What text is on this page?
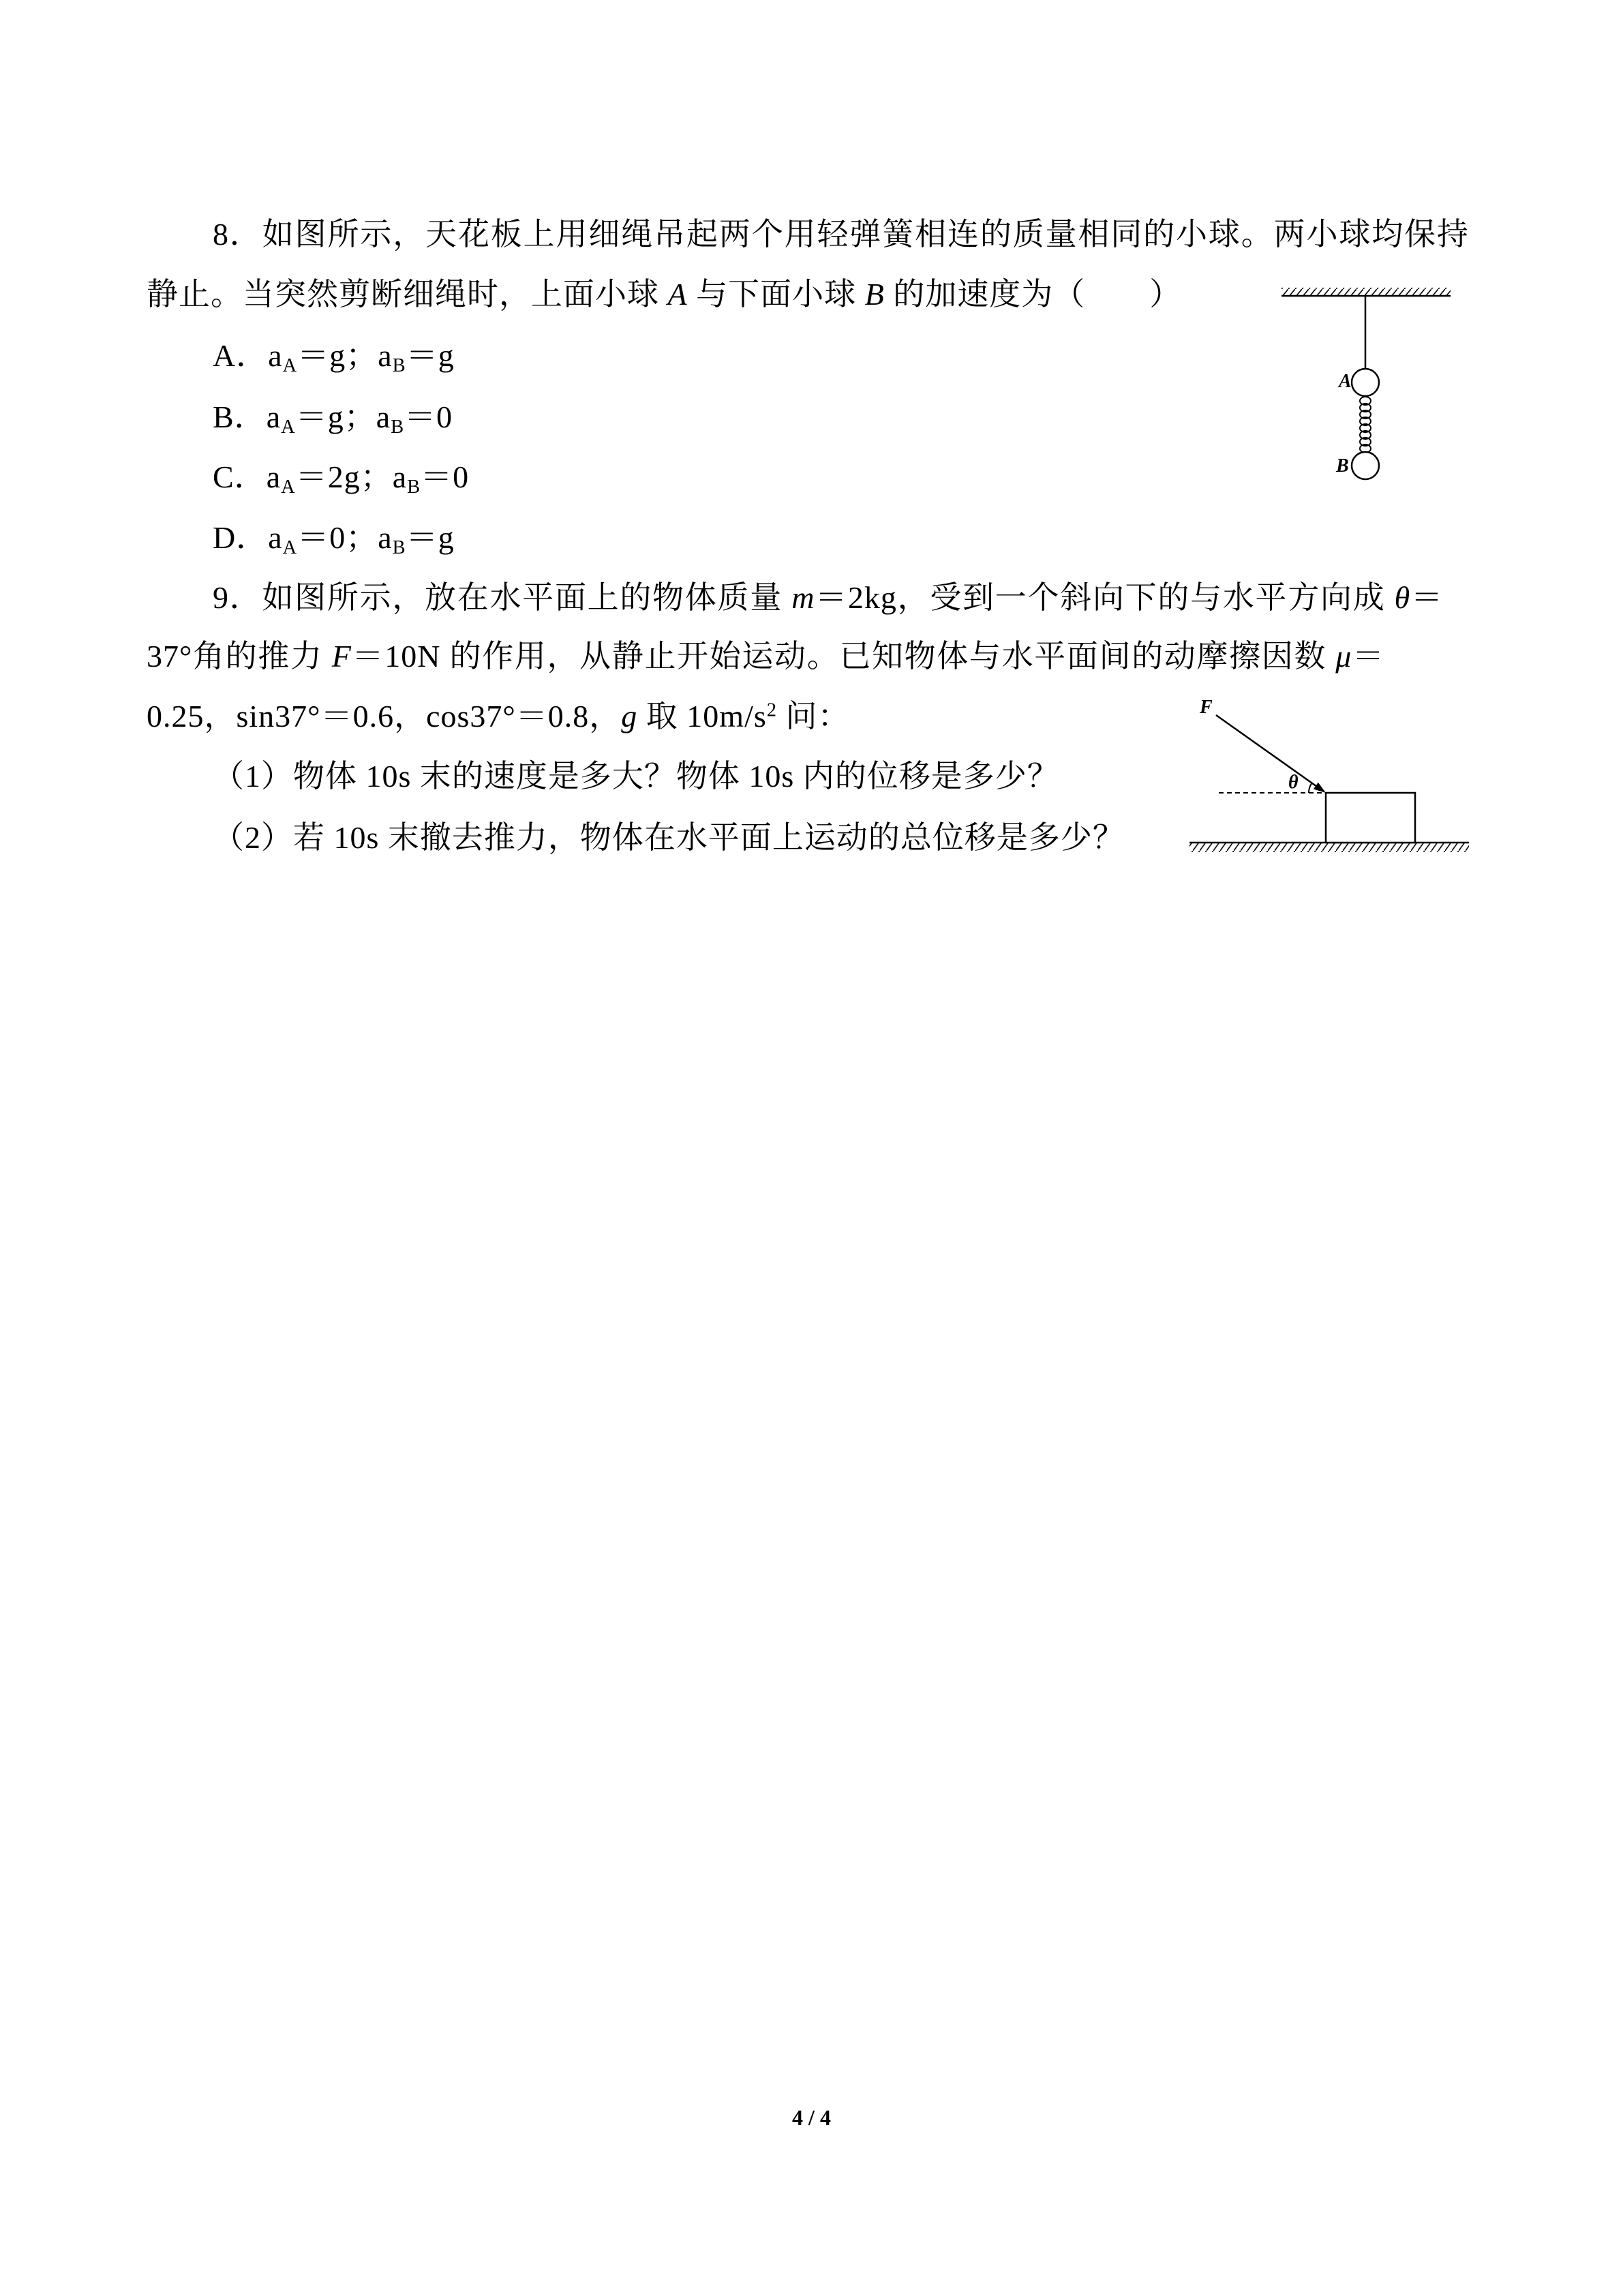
8．如图所示，天花板上用细绳吊起两个用轻弹簧相连的质量相同的小球。两小球均保持
静止。当突然剪断细绳时，上面小球 A 与下面小球 B 的加速度为（　　）
A．$a_A=g$；$a_B=g$
B．$a_A=g$；$a_B=0$
C．$a_A=2g$；$a_B=0$
D．$a_A=0$；$a_B=g$
A
B
9．如图所示，放在水平面上的物体质量 m＝2kg，受到一个斜向下的与水平方向成 θ＝
37°角的推力 F＝10N 的作用，从静止开始运动。已知物体与水平面间的动摩擦因数 μ＝
0.25，sin37°＝0.6，cos37°＝0.8，g 取 $10m/s^2$ 问：
（1）物体 10s 末的速度是多大？物体 10s 内的位移是多少？
（2）若 10s 末撤去推力，物体在水平面上运动的总位移是多少？
F
θ
4 / 4
